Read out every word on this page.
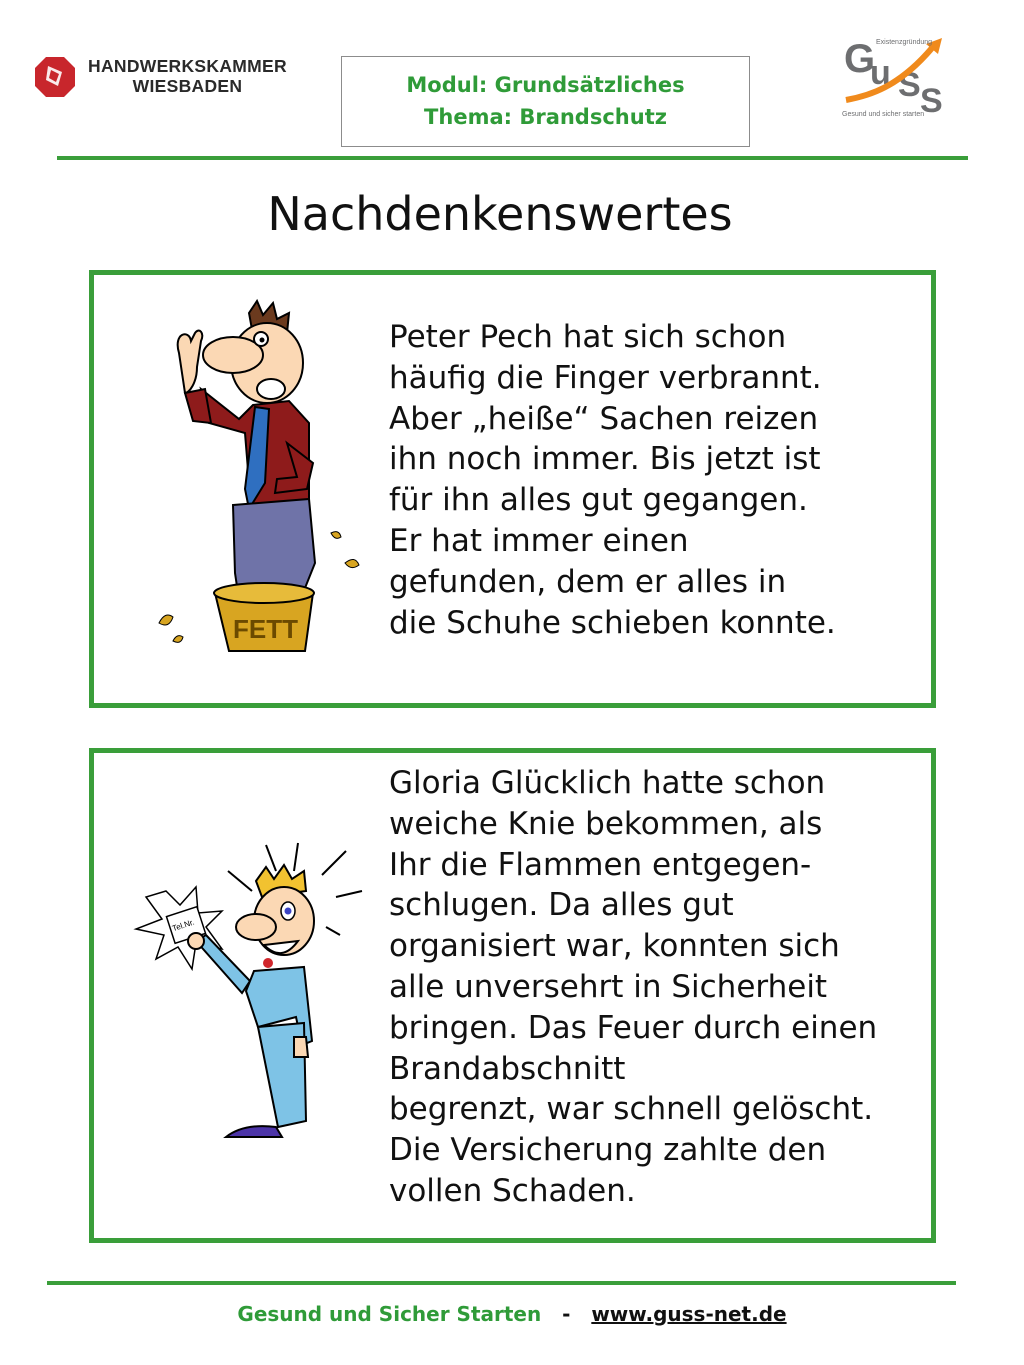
HANDWERKSKAMMER
WIESBADEN	Modul: Grundsätzliches
Thema: Brandschutz
G
u S S
Existenzgründung
Gesund und sicher starten
Nachdenkenswertes
FETT
Peter Pech hat sich schon
häufig die Finger verbrannt.
Aber „heiße“ Sachen reizen
ihn noch immer. Bis jetzt ist
für ihn alles gut gegangen.
Er hat immer einen
gefunden, dem er alles in
die Schuhe schieben konnte.
Tel.Nr.
Gloria Glücklich hatte schon
weiche Knie bekommen, als
Ihr die Flammen entgegen-
schlugen. Da alles gut
organisiert war, konnten sich
alle unversehrt in Sicherheit
bringen. Das Feuer durch einen
Brandabschnitt
begrenzt, war schnell gelöscht.
Die Versicherung zahlte den
vollen Schaden.
Gesund und Sicher Starten - www.guss-net.de
